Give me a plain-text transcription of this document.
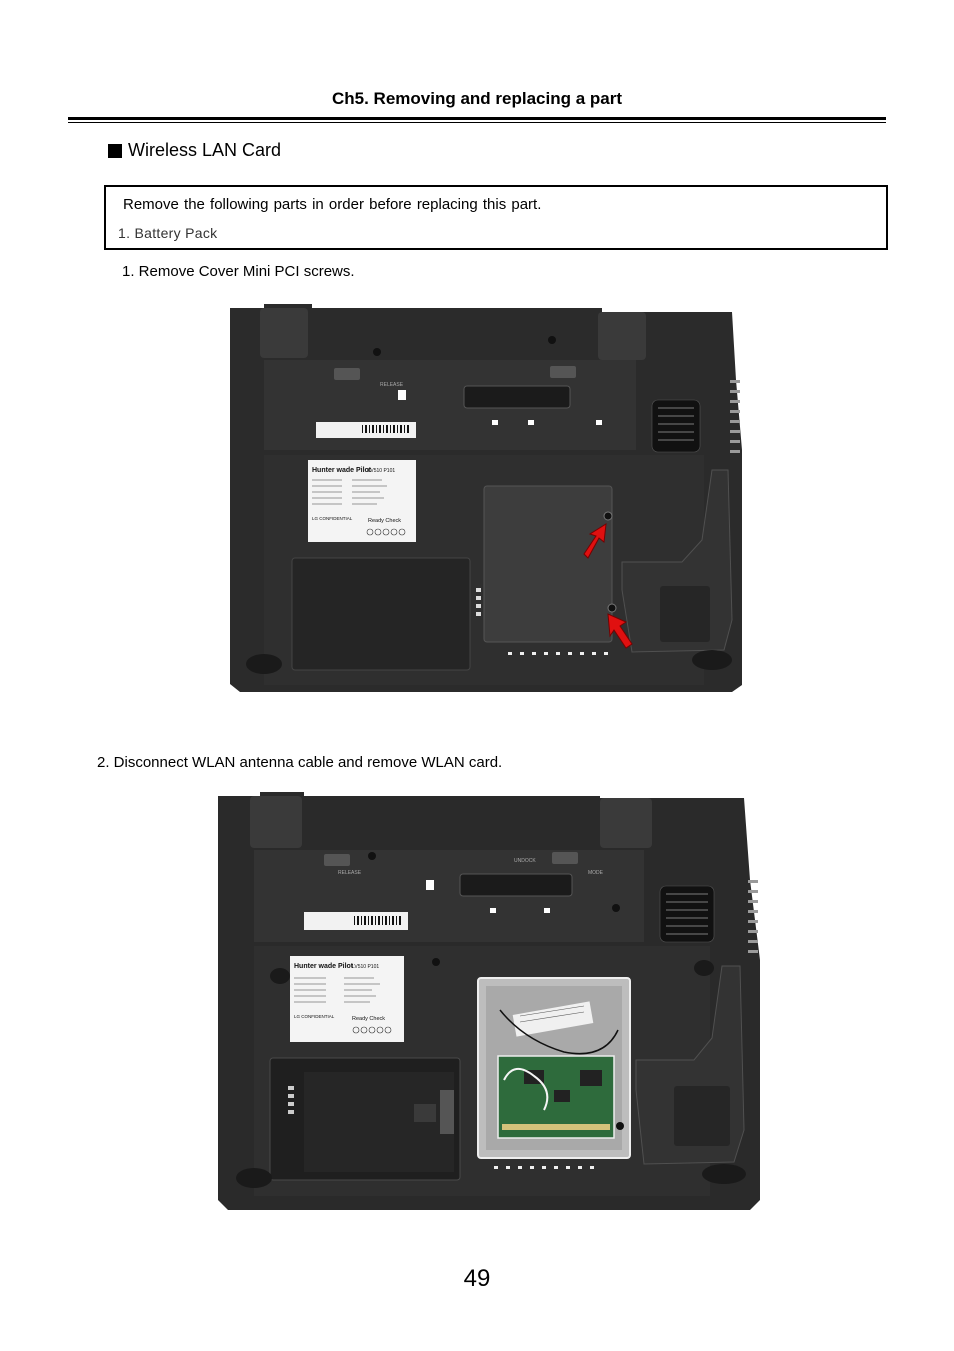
Ch5. Removing and replacing a part
Wireless LAN Card
Remove the following parts in order before replacing this part.
1. Battery Pack
1. Remove Cover Mini PCI screws.
RELEASE
Hunter wade Pilot
LV510 P101
LG CONFIDENTIAL	Ready Check
2. Disconnect WLAN antenna cable and remove WLAN card.
RELEASE
UNDOCK
MODE
Hunter wade Pilot
LV510 P101
LG CONFIDENTIAL	Ready Check
49
